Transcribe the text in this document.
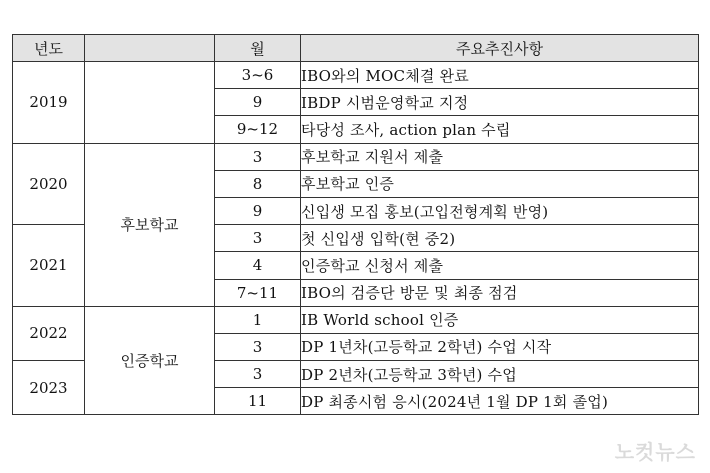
년도		월	주요추진사항
2019		3~6	IBO와의 MOC체결 완료
		9	IBDP 시범운영학교 지정
		9~12	타당성 조사, action plan 수립
2020	후보학교	3	후보학교 지원서 제출
		8	후보학교 인증
		9	신입생 모집 홍보(고입전형계획 반영)
2021		3	첫 신입생 입학(현 중2)
		4	인증학교 신청서 제출
		7~11	IBO의 검증단 방문 및 최종 점검
2022	인증학교	1	IB World school 인증
		3	DP 1년차(고등학교 2학년) 수업 시작
2023		3	DP 2년차(고등학교 3학년) 수업
		11	DP 최종시험 응시(2024년 1월 DP 1회 졸업)
노컷뉴스
